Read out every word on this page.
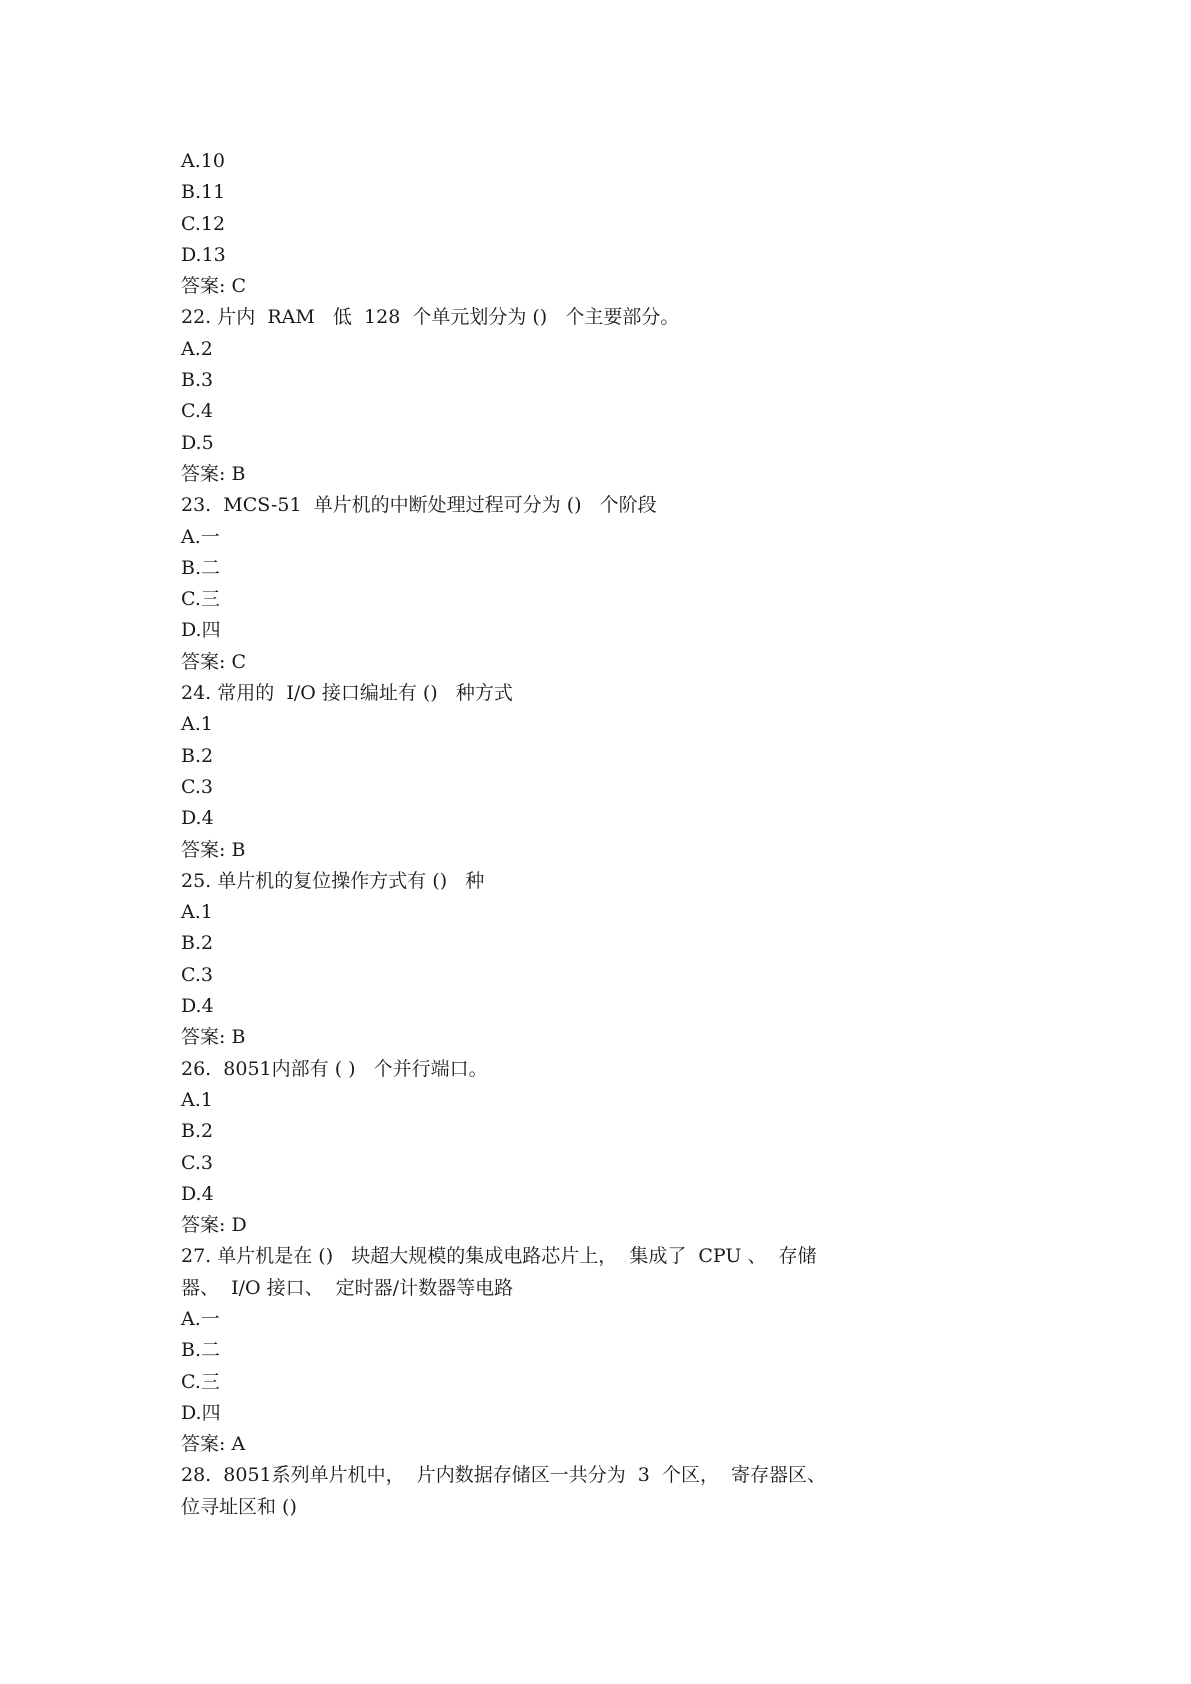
A.10
B.11
C.12
D.13
答案: C
22. 片内  RAM   低  128  个单元划分为 ()   个主要部分。
A.2
B.3
C.4
D.5
答案: B
23.  MCS-51  单片机的中断处理过程可分为 ()   个阶段
A.一
B.二
C.三
D.四
答案: C
24. 常用的  I/O 接口编址有 ()   种方式
A.1
B.2
C.3
D.4
答案: B
25. 单片机的复位操作方式有 ()   种
A.1
B.2
C.3
D.4
答案: B
26.  8051内部有 ( )   个并行端口。
A.1
B.2
C.3
D.4
答案: D
27. 单片机是在 ()   块超大规模的集成电路芯片上，  集成了  CPU 、  存储
器、  I/O 接口、  定时器/计数器等电路
A.一
B.二
C.三
D.四
答案: A
28.  8051系列单片机中，  片内数据存储区一共分为  3  个区，  寄存器区、
位寻址区和 ()
